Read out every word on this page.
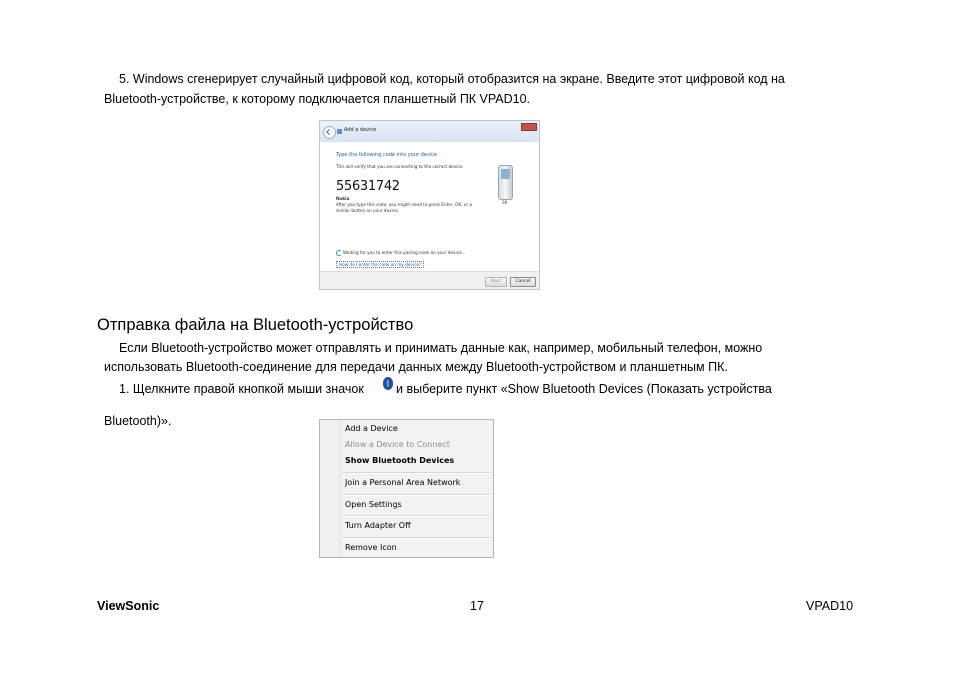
5. Windows сгенерирует случайный цифровой код, который отобразится на экране. Введите этот цифровой код на
Bluetooth-устройстве, к которому подключается планшетный ПК VPAD10.
Add a device
Type the following code into your device
This will verify that you are connecting to the correct device.
55631742
Nokia
After you type this code, you might need to press Enter, OK, or a similar button on your device.
08
Waiting for you to enter this pairing code on your device...
How do I enter the code on my device?
Next	Cancel
Отправка файла на Bluetooth-устройство
Если Bluetooth-устройство может отправлять и принимать данные как, например, мобильный телефон, можно
использовать Bluetooth-соединение для передачи данных между Bluetooth-устройством и планшетным ПК.
1. Щелкните правой кнопкой мыши значок	ᛒ и выберите пункт «Show Bluetooth Devices (Показать устройства
Bluetooth)».
Add a Device
Allow a Device to Connect
Show Bluetooth Devices
Join a Personal Area Network
Open Settings
Turn Adapter Off
Remove Icon
ViewSonic	17	VPAD10
